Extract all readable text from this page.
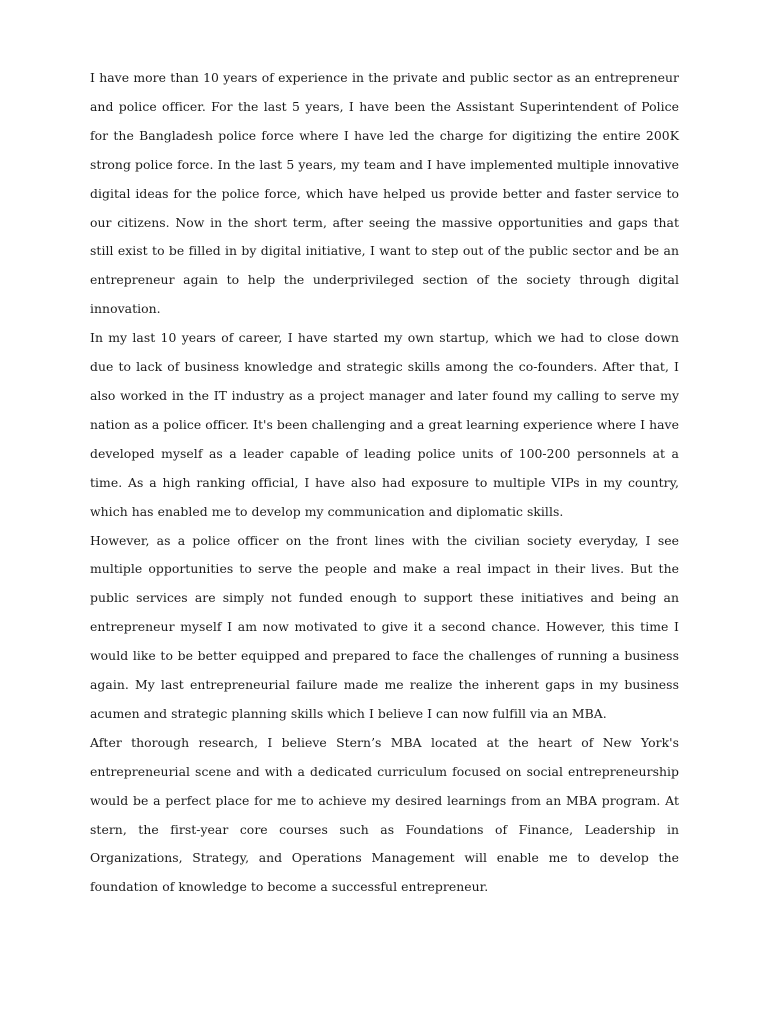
I have more than 10 years of experience in the private and public sector as an entrepreneur and police officer. For the last 5 years, I have been the Assistant Superintendent of Police for the Bangladesh police force where I have led the charge for digitizing the entire 200K strong police force. In the last 5 years, my team and I have implemented multiple innovative digital ideas for the police force, which have helped us provide better and faster service to our citizens. Now in the short term, after seeing the massive opportunities and gaps that still exist to be filled in by digital initiative, I want to step out of the public sector and be an entrepreneur again to help the underprivileged section of the society through digital innovation.

In my last 10 years of career, I have started my own startup, which we had to close down due to lack of business knowledge and strategic skills among the co-founders. After that, I also worked in the IT industry as a project manager and later found my calling to serve my nation as a police officer. It's been challenging and a great learning experience where I have developed myself as a leader capable of leading police units of 100-200 personnels at a time. As a high ranking official, I have also had exposure to multiple VIPs in my country, which has enabled me to develop my communication and diplomatic skills.

However, as a police officer on the front lines with the civilian society everyday, I see multiple opportunities to serve the people and make a real impact in their lives. But the public services are simply not funded enough to support these initiatives and being an entrepreneur myself I am now motivated to give it a second chance. However, this time I would like to be better equipped and prepared to face the challenges of running a business again. My last entrepreneurial failure made me realize the inherent gaps in my business acumen and strategic planning skills which I believe I can now fulfill via an MBA.

After thorough research, I believe Stern’s MBA located at the heart of New York's entrepreneurial scene and with a dedicated curriculum focused on social entrepreneurship would be a perfect place for me to achieve my desired learnings from an MBA program. At stern, the first-year core courses such as Foundations of Finance, Leadership in Organizations, Strategy, and Operations Management will enable me to develop the foundation of knowledge to become a successful entrepreneur.
